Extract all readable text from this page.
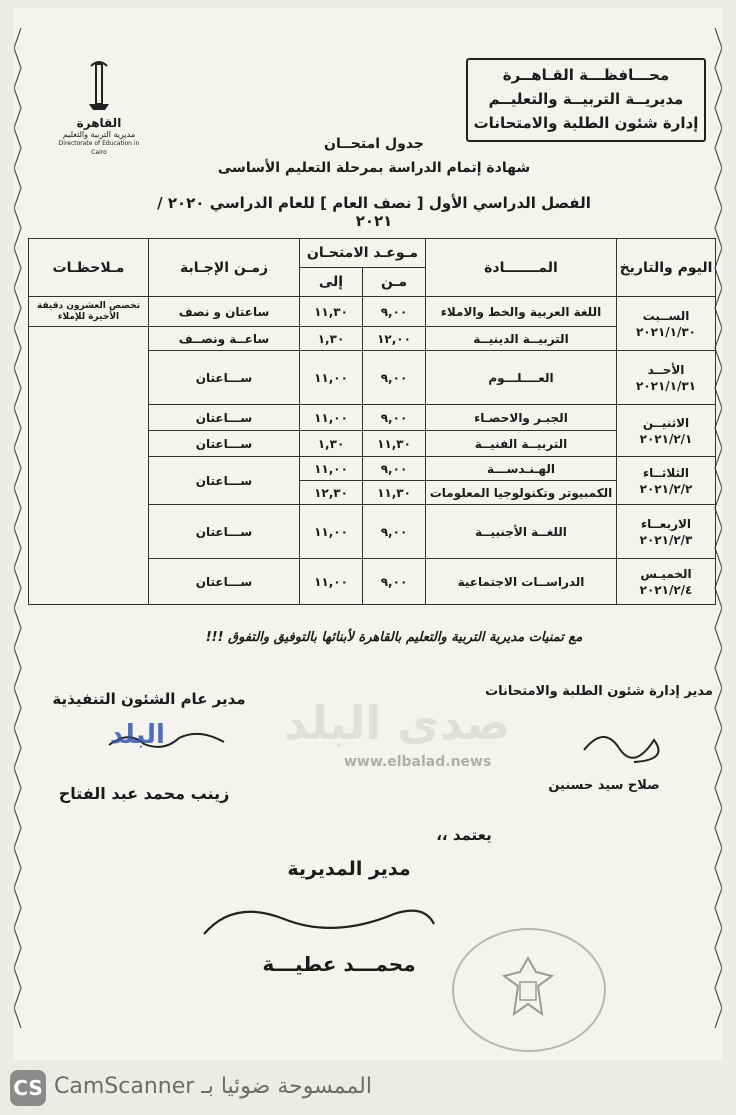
محـــافظـــة القـاهــرة
مديريــة التربيــة والتعليــم
إدارة شئون الطلبة والامتحانات
القاهرة
مديرية التربية والتعليم
Directorate of Education in Cairo
جدول امتحــان
شهادة إتمام الدراسة بمرحلة التعليم الأساسى
الفصل الدراسي الأول [ نصف العام ] للعام الدراسي ٢٠٢٠ /٢٠٢١
اليوم والتاريخ	المـــــــادة	مـوعـد الامتحـان		زمـن الإجـابة	مـلاحظـات
		مـن	إلى		

الســبت
٢٠٢١/١/٣٠	اللغة العربية والخط والاملاء	٩,٠٠	١١,٣٠	ساعتان و نصف	تخصص العشرون دقيقة الأخيرة للإملاء
	التربيــة الدينيــة	١٢,٠٠	١,٣٠	ساعــة ونصــف	

الأحــد
٢٠٢١/١/٣١	العــــلـــوم	٩,٠٠	١١,٠٠	ســـاعتان	

الاثنيــن
٢٠٢١/٢/١	الجبـر والاحصـاء	٩,٠٠	١١,٠٠	ســـاعتان	
	التربيــة الفنيــة	١١,٣٠	١,٣٠	ســـاعتان	

الثلاثــاء
٢٠٢١/٢/٢	الهـنـدســـة	٩,٠٠	١١,٠٠	ســـاعتان	
	الكمبيوتر وتكنولوجيا المعلومات	١١,٣٠	١٢,٣٠		

الاربعــاء
٢٠٢١/٢/٣	اللغــة الأجنبيــة	٩,٠٠	١١,٠٠	ســـاعتان	

الخميـس
٢٠٢١/٢/٤	الدراســات الاجتماعية	٩,٠٠	١١,٠٠	ســـاعتان	
مع تمنيات مديرية التربية والتعليم بالقاهرة لأبنائها بالتوفيق والتفوق !!!
مدير إدارة شئون الطلبة والامتحانات
صلاح سيد حسنين
مدير عام الشئون التنفيذية
زينب محمد عبد الفتاح
يعتمد ،،
مدير المديرية
محمـــد عطيـــة
صدى البلد
www.elbalad.news
البلد
CS CamScanner الممسوحة ضوئيا بـ
